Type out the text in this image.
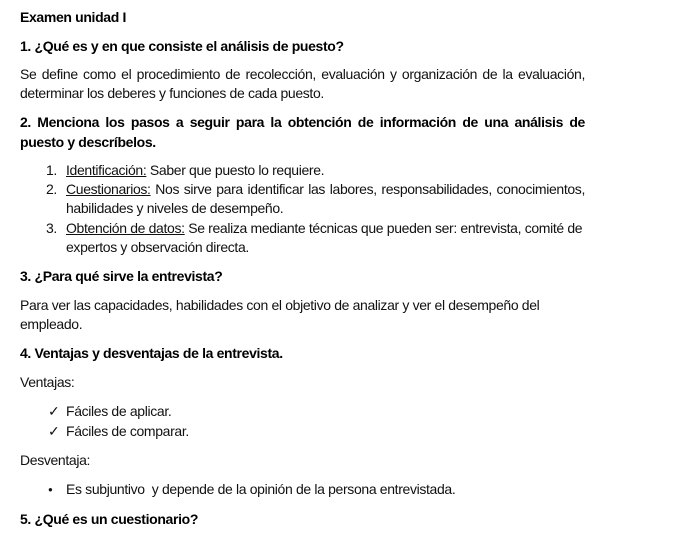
Examen unidad I
1. ¿Qué es y en que consiste el análisis de puesto?
Se define como el procedimiento de recolección, evaluación y organización de la evaluación, determinar los deberes y funciones de cada puesto.
2. Menciona los pasos a seguir para la obtención de información de una análisis de puesto y descríbelos.
1. Identificación: Saber que puesto lo requiere.
2. Cuestionarios: Nos sirve para identificar las labores, responsabilidades, conocimientos, habilidades y niveles de desempeño.
3. Obtención de datos: Se realiza mediante técnicas que pueden ser: entrevista, comité de expertos y observación directa.
3. ¿Para qué sirve la entrevista?
Para ver las capacidades, habilidades con el objetivo de analizar y ver el desempeño del empleado.
4. Ventajas y desventajas de la entrevista.
Ventajas:
✓ Fáciles de aplicar.
✓ Fáciles de comparar.
Desventaja:
● Es subjuntivo  y depende de la opinión de la persona entrevistada.
5. ¿Qué es un cuestionario?
